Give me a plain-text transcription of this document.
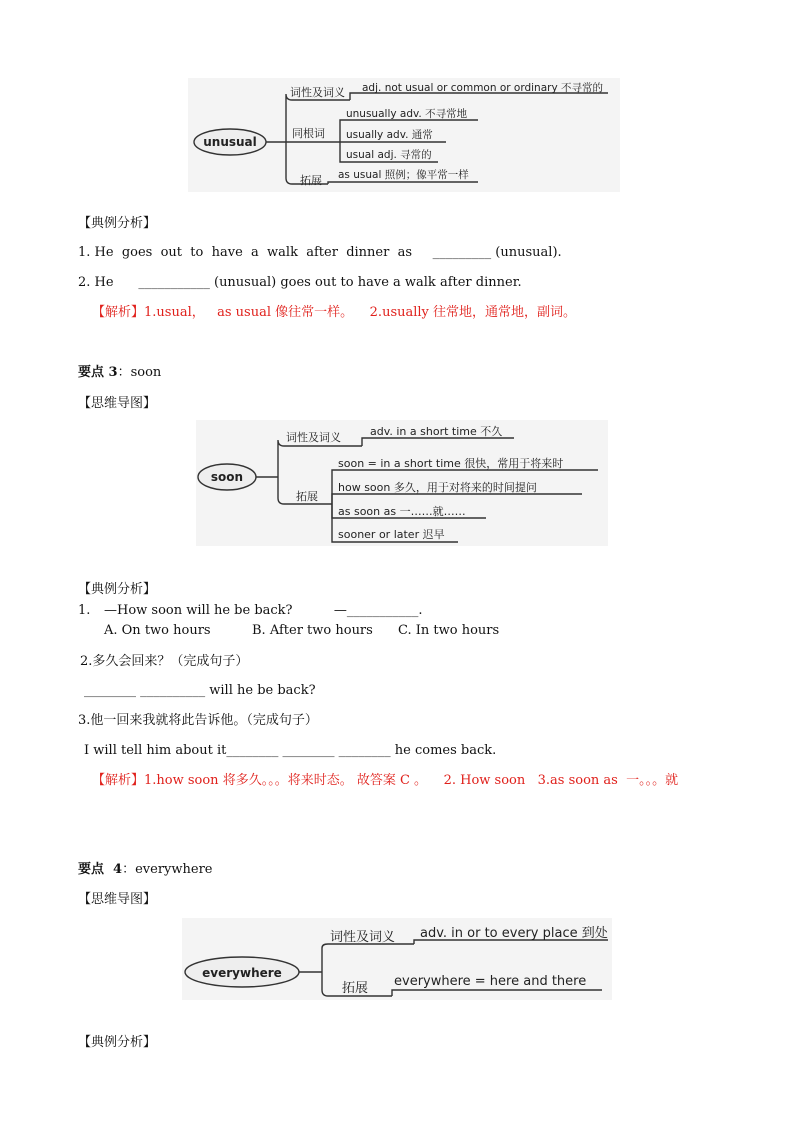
unusual
词性及词义 adj. not usual or common or ordinary 不寻常的
同根词
unusually adv. 不寻常地
usually adv. 通常
usual adj. 寻常的
拓展 as usual 照例；像平常一样
【典例分析】
1. He  goes  out  to  have  a  walk  after  dinner  as     _________ (unusual).
2. He      ___________ (unusual) goes out to have a walk after dinner.
【解析】1.usual，   as usual 像往常一样。    2.usually 往常地，通常地，副词。
要点 3：soon
【思维导图】
soon
词性及词义	adv. in a short time 不久
拓展
soon = in a short time 很快，常用于将来时
how soon 多久，用于对将来的时间提问
as soon as 一……就……
sooner or later 迟早
【典例分析】
1. —How soon will he be back?          —___________.
A. On two hours	B. After two hours C. In two hours
2.多久会回来？（完成句子）
________ __________ will he be back?
3.他一回来我就将此告诉他。（完成句子）
I will tell him about it________ ________ ________ he comes back.
【解析】1.how soon 将多久。。。将来时态。 故答案 C 。    2. How soon   3.as soon as  一。。。就
要点  4：everywhere
【思维导图】
everywhere
词性及词义 adv. in or to every place 到处
拓展 everywhere = here and there
【典例分析】
